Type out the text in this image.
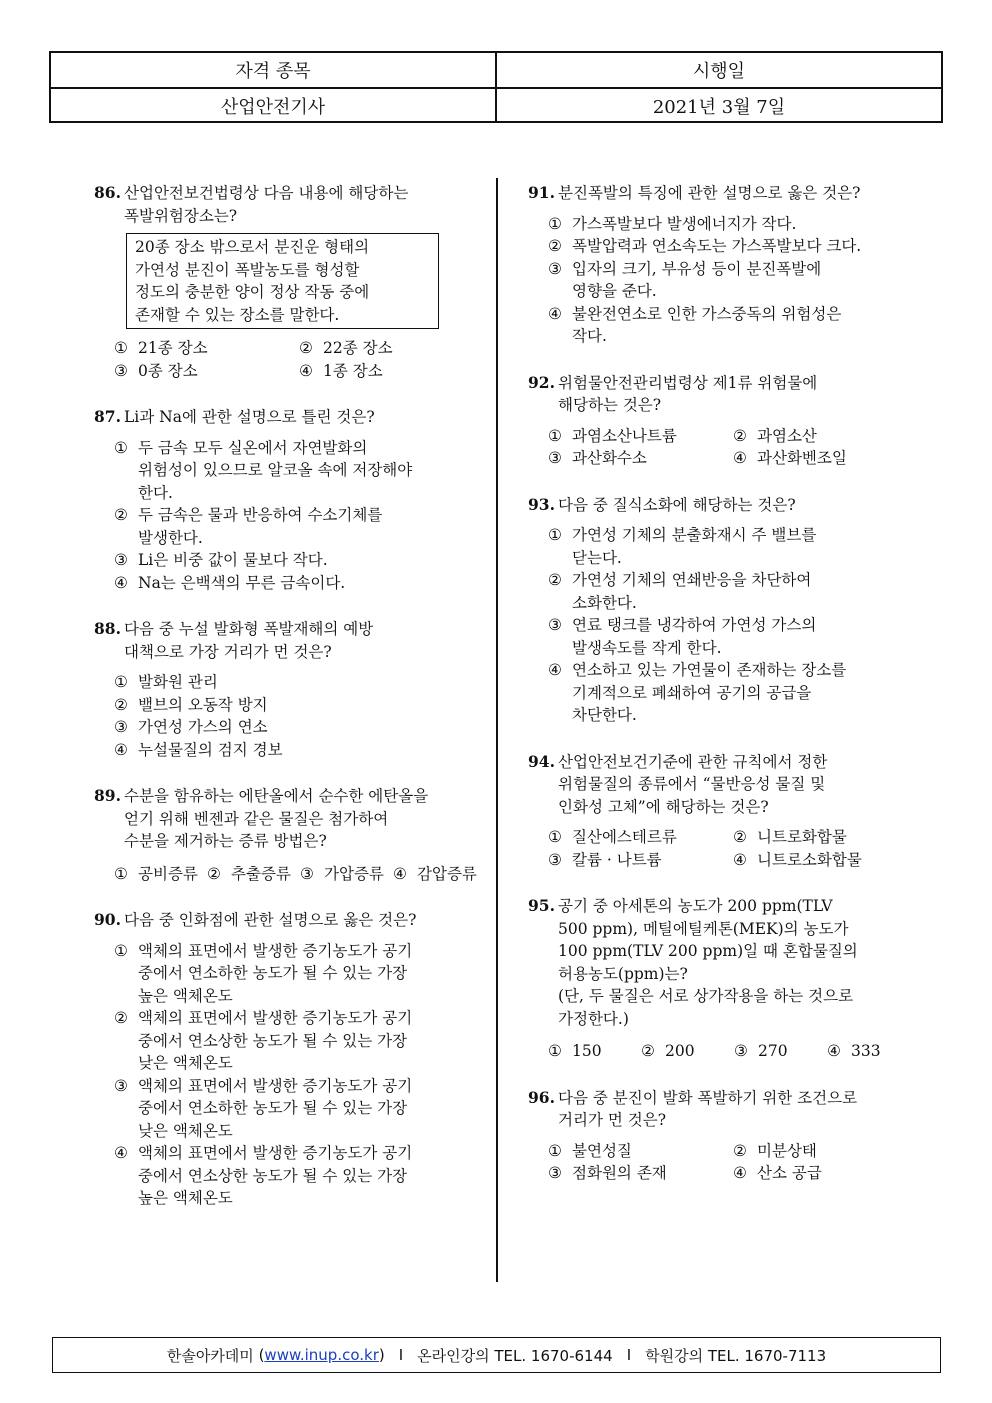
자격 종목	시행일
산업안전기사	2021년 3월 7일
86. 산업안전보건법령상 다음 내용에 해당하는
폭발위험장소는?
20종 장소 밖으로서 분진운 형태의
가연성 분진이 폭발농도를 형성할
정도의 충분한 양이 정상 작동 중에
존재할 수 있는 장소를 말한다.
① 21종 장소	② 22종 장소
③ 0종 장소	④ 1종 장소
87. Li과 Na에 관한 설명으로 틀린 것은?
① 두 금속 모두 실온에서 자연발화의
위험성이 있으므로 알코올 속에 저장해야
한다.
② 두 금속은 물과 반응하여 수소기체를
발생한다.
③ Li은 비중 값이 물보다 작다.
④ Na는 은백색의 무른 금속이다.
88. 다음 중 누설 발화형 폭발재해의 예방
대책으로 가장 거리가 먼 것은?
① 발화원 관리
② 밸브의 오동작 방지
③ 가연성 가스의 연소
④ 누설물질의 검지 경보
89. 수분을 함유하는 에탄올에서 순수한 에탄올을
얻기 위해 벤젠과 같은 물질은 첨가하여
수분을 제거하는 증류 방법은?
① 공비증류 ② 추출증류 ③ 가압증류 ④ 감압증류
90. 다음 중 인화점에 관한 설명으로 옳은 것은?
① 액체의 표면에서 발생한 증기농도가 공기
중에서 연소하한 농도가 될 수 있는 가장
높은 액체온도
② 액체의 표면에서 발생한 증기농도가 공기
중에서 연소상한 농도가 될 수 있는 가장
낮은 액체온도
③ 액체의 표면에서 발생한 증기농도가 공기
중에서 연소하한 농도가 될 수 있는 가장
낮은 액체온도
④ 액체의 표면에서 발생한 증기농도가 공기
중에서 연소상한 농도가 될 수 있는 가장
높은 액체온도
91. 분진폭발의 특징에 관한 설명으로 옳은 것은?
① 가스폭발보다 발생에너지가 작다.
② 폭발압력과 연소속도는 가스폭발보다 크다.
③ 입자의 크기, 부유성 등이 분진폭발에
영향을 준다.
④ 불완전연소로 인한 가스중독의 위험성은
작다.
92. 위험물안전관리법령상 제1류 위험물에
해당하는 것은?
① 과염소산나트륨	② 과염소산
③ 과산화수소	④ 과산화벤조일
93. 다음 중 질식소화에 해당하는 것은?
① 가연성 기체의 분출화재시 주 밸브를
닫는다.
② 가연성 기체의 연쇄반응을 차단하여
소화한다.
③ 연료 탱크를 냉각하여 가연성 가스의
발생속도를 작게 한다.
④ 연소하고 있는 가연물이 존재하는 장소를
기계적으로 폐쇄하여 공기의 공급을
차단한다.
94. 산업안전보건기준에 관한 규칙에서 정한
위험물질의 종류에서 “물반응성 물질 및
인화성 고체”에 해당하는 것은?
① 질산에스테르류	② 니트로화합물
③ 칼륨 · 나트륨	④ 니트로소화합물
95. 공기 중 아세톤의 농도가 200 ppm(TLV
500 ppm), 메틸에틸케톤(MEK)의 농도가
100 ppm(TLV 200 ppm)일 때 혼합물질의
허용농도(ppm)는?
(단, 두 물질은 서로 상가작용을 하는 것으로
가정한다.)
① 150	② 200	③ 270	④ 333
96. 다음 중 분진이 발화 폭발하기 위한 조건으로
거리가 먼 것은?
① 불연성질	② 미분상태
③ 점화원의 존재	④ 산소 공급
한솔아카데미 ( www.inup.co.kr ) I 온라인강의 TEL. 1670-6144 I 학원강의 TEL. 1670-7113
